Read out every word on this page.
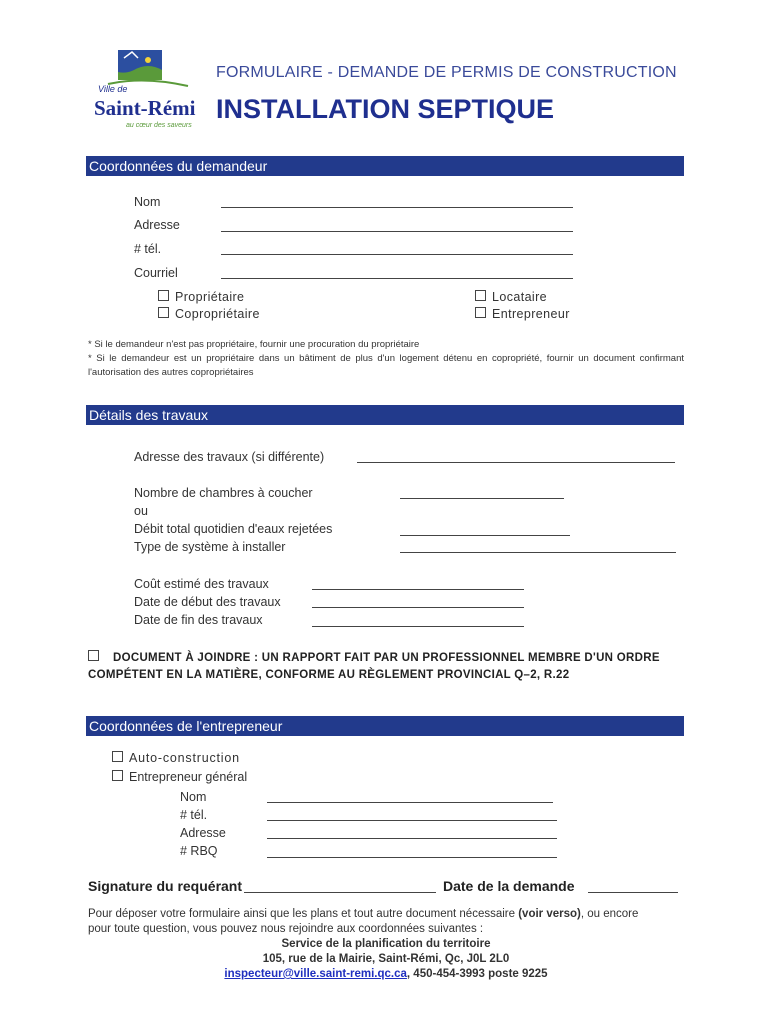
Ville de
Saint-Rémi
au cœur des saveurs
FORMULAIRE - DEMANDE DE PERMIS DE CONSTRUCTION
INSTALLATION SEPTIQUE
Coordonnées du demandeur
Nom
Adresse
# tél.
Courriel
Propriétaire
Copropriétaire
Locataire
Entrepreneur
* Si le demandeur n'est pas propriétaire, fournir une procuration du propriétaire
* Si le demandeur est un propriétaire dans un bâtiment de plus d'un logement détenu en copropriété, fournir un document confirmant l'autorisation des autres copropriétaires
Détails des travaux
Adresse des travaux (si différente)
Nombre de chambres à coucher
ou
Débit total quotidien d'eaux rejetées
Type de système à installer
Coût estimé des travaux
Date de début des travaux
Date de fin des travaux
DOCUMENT À JOINDRE : UN RAPPORT FAIT PAR UN PROFESSIONNEL MEMBRE D'UN ORDRE
COMPÉTENT EN LA MATIÈRE, CONFORME AU RÈGLEMENT PROVINCIAL Q–2, R.22
Coordonnées de l'entrepreneur
Auto-construction
Entrepreneur général
Nom
# tél.
Adresse
# RBQ
Signature du requérant	Date de la demande
Pour déposer votre formulaire ainsi que les plans et tout autre document nécessaire (voir verso), ou encore
pour toute question, vous pouvez nous rejoindre aux coordonnées suivantes :
Service de la planification du territoire
105, rue de la Mairie, Saint-Rémi, Qc, J0L 2L0
inspecteur@ville.saint-remi.qc.ca, 450-454-3993 poste 9225
